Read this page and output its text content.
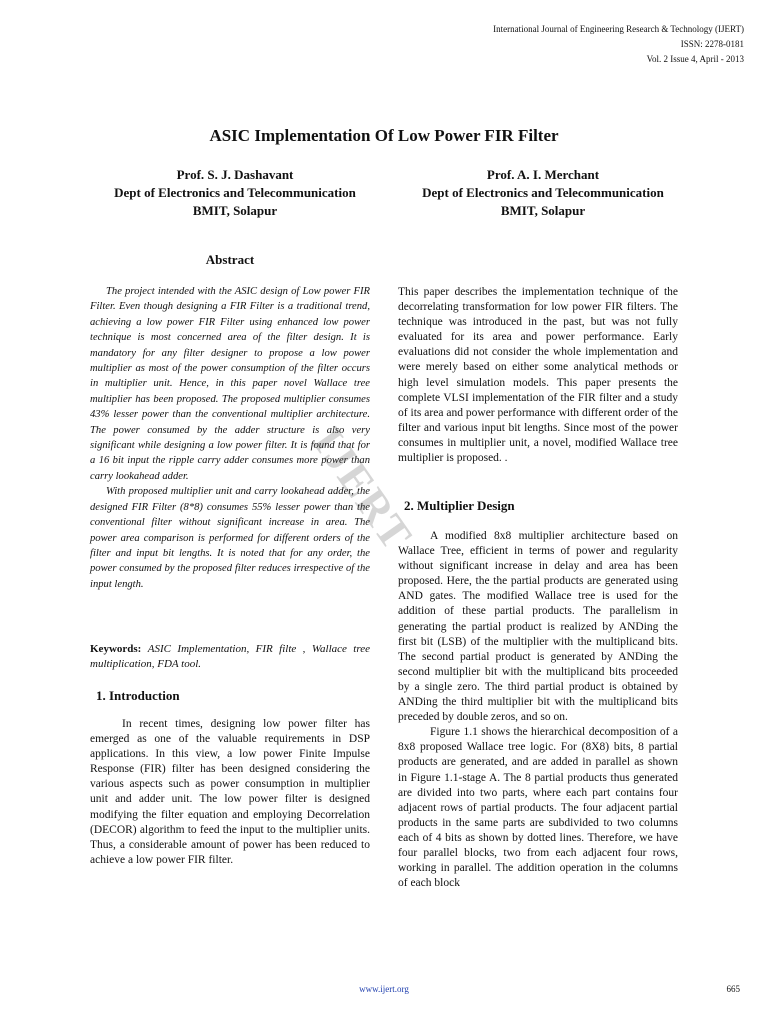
International Journal of Engineering Research & Technology (IJERT)
ISSN: 2278-0181
Vol. 2 Issue 4, April - 2013
ASIC Implementation Of Low Power FIR Filter
Prof. S. J. Dashavant
Dept of Electronics and Telecommunication
BMIT, Solapur
Prof. A. I. Merchant
Dept of Electronics and Telecommunication
BMIT, Solapur
Abstract

The project intended with the ASIC design of Low power FIR Filter. Even though designing a FIR Filter is a traditional trend, achieving a low power FIR Filter using enhanced low power technique is most concerned area of the filter design. It is mandatory for any filter designer to propose a low power multiplier as most of the power consumption of the filter occurs in multiplier unit. Hence, in this paper novel Wallace tree multiplier has been proposed. The proposed multiplier consumes 43% lesser power than the conventional multiplier architecture. The power consumed by the adder structure is also very significant while designing a low power filter. It is found that for a 16 bit input the ripple carry adder consumes more power than carry lookahead adder.

With proposed multiplier unit and carry lookahead adder, the designed FIR Filter (8*8) consumes 55% lesser power than the conventional filter without significant increase in area. The power area comparison is performed for different orders of the filter and input bit lengths. It is noted that for any order, the power consumed by the proposed filter reduces irrespective of the input length.

Keywords: ASIC Implementation, FIR filte , Wallace tree multiplication, FDA tool.
1. Introduction

In recent times, designing low power filter has emerged as one of the valuable requirements in DSP applications. In this view, a low power Finite Impulse Response (FIR) filter has been designed considering the various aspects such as power consumption in multiplier unit and adder unit. The low power filter is designed modifying the filter equation and employing Decorrelation (DECOR) algorithm to feed the input to the multiplier units. Thus, a considerable amount of power has been reduced to achieve a low power FIR filter.

This paper describes the implementation technique of the decorrelating transformation for low power FIR filters. The technique was introduced in the past, but was not fully evaluated for its area and power performance. Early evaluations did not consider the whole implementation and were merely based on either some analytical methods or high level simulation models. This paper presents the complete VLSI implementation of the FIR filter and a study of its area and power performance with different order of the filter and various input bit lengths. Since most of the power consumes in multiplier unit, a novel, modified Wallace tree multiplier is proposed. .

2. Multiplier Design

A modified 8x8 multiplier architecture based on Wallace Tree, efficient in terms of power and regularity without significant increase in delay and area has been proposed. Here, the the partial products are generated using AND gates. The modified Wallace tree is used for the addition of these partial products. The parallelism in generating the partial product is realized by ANDing the first bit (LSB) of the multiplier with the multiplicand bits. The second partial product is generated by ANDing the second multiplier bit with the multiplicand bits proceeded by a single zero. The third partial product is obtained by ANDing the third multiplier bit with the multiplicand bits preceded by double zeros, and so on.

Figure 1.1 shows the hierarchical decomposition of a 8x8 proposed Wallace tree logic. For (8X8) bits, 8 partial products are generated, and are added in parallel as shown in Figure 1.1-stage A. The 8 partial products thus generated are divided into two parts, where each part contains four adjacent rows of partial products. The four adjacent partial products in the same parts are subdivided to two columns each of 4 bits as shown by dotted lines. Therefore, we have four parallel blocks, two from each adjacent four rows, working in parallel. The addition operation in the columns of each block

IJERT
www.ijert.org	665
